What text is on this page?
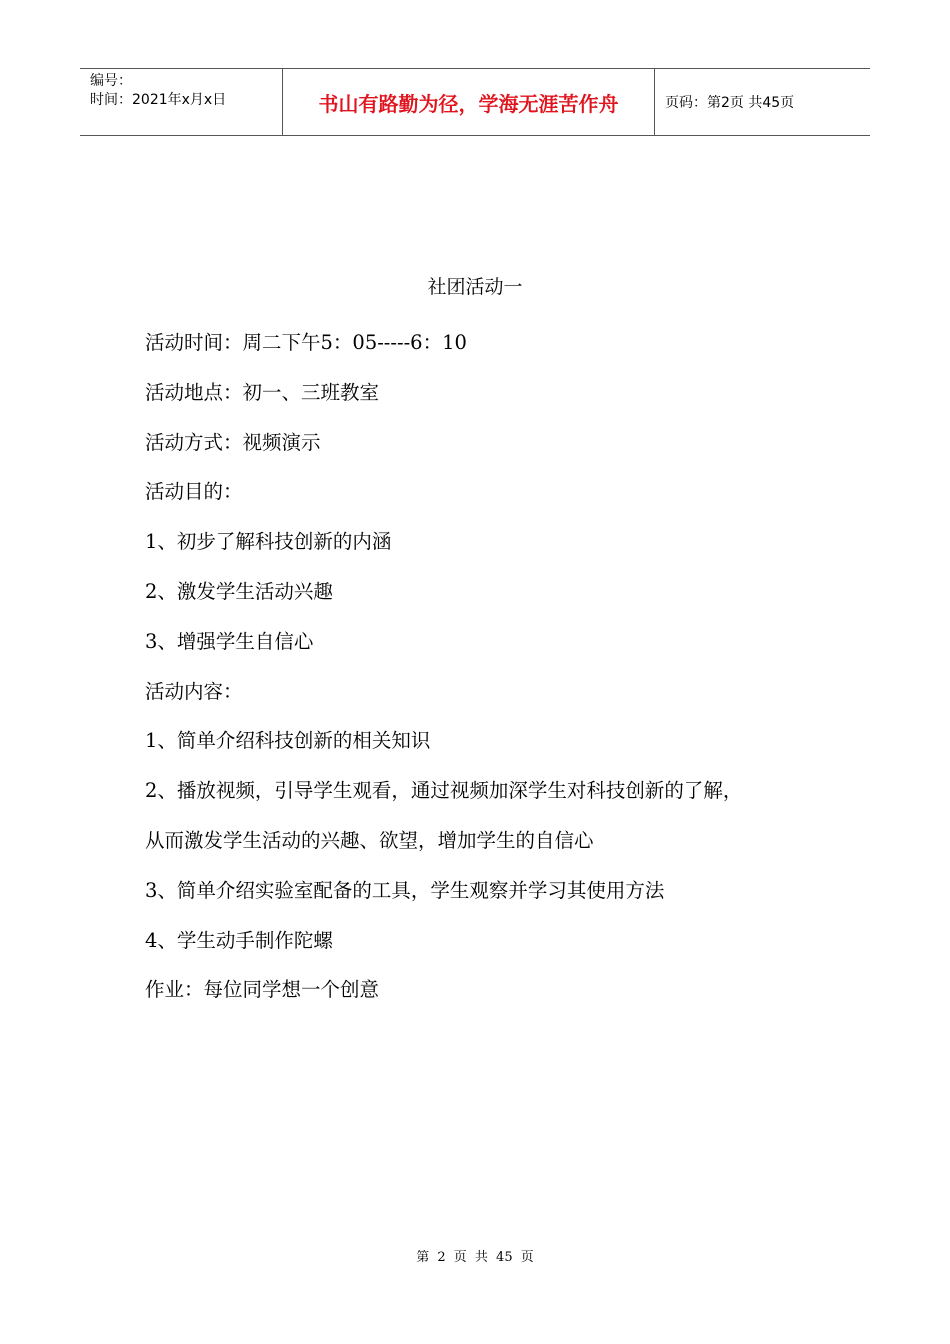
编号：
时间：2021年x月x日	书山有路勤为径，学海无涯苦作舟	页码：第2页 共45页
社团活动一

活动时间：周二下午5：05-----6：10

活动地点：初一、三班教室

活动方式：视频演示

活动目的：

1、初步了解科技创新的内涵

2、激发学生活动兴趣

3、增强学生自信心

活动内容：

1、简单介绍科技创新的相关知识

2、播放视频，引导学生观看，通过视频加深学生对科技创新的了解，

从而激发学生活动的兴趣、欲望，增加学生的自信心

3、简单介绍实验室配备的工具，学生观察并学习其使用方法

4、学生动手制作陀螺

作业：每位同学想一个创意

第 2 页 共 45 页
